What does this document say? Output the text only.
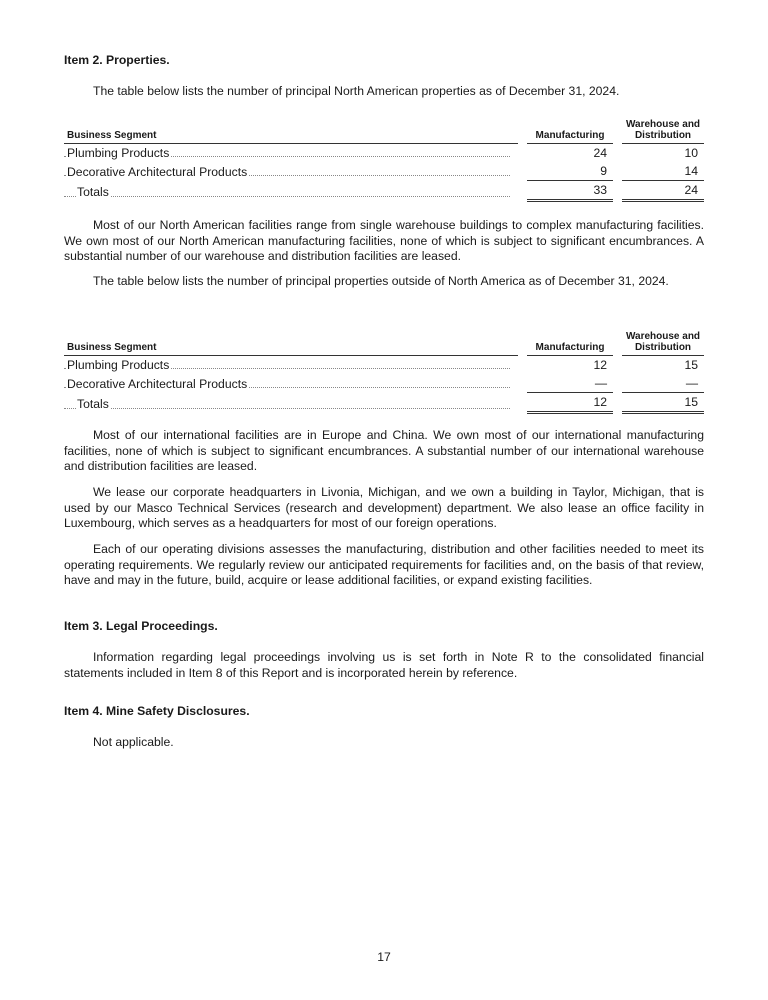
Item 2. Properties.

The table below lists the number of principal North American properties as of December 31, 2024.

Business Segment		Manufacturing		Warehouse and
Distribution

Plumbing Products		24		10

Decorative Architectural Products		9		14

Totals		33		24

Most of our North American facilities range from single warehouse buildings to complex manufacturing facilities. We own most of our North American manufacturing facilities, none of which is subject to significant encumbrances. A substantial number of our warehouse and distribution facilities are leased.

The table below lists the number of principal properties outside of North America as of December 31, 2024.

Business Segment		Manufacturing		Warehouse and
Distribution

Plumbing Products		12		15

Decorative Architectural Products		—		—

Totals		12		15

Most of our international facilities are in Europe and China. We own most of our international manufacturing facilities, none of which is subject to significant encumbrances. A substantial number of our international warehouse and distribution facilities are leased.

We lease our corporate headquarters in Livonia, Michigan, and we own a building in Taylor, Michigan, that is used by our Masco Technical Services (research and development) department. We also lease an office facility in Luxembourg, which serves as a headquarters for most of our foreign operations.

Each of our operating divisions assesses the manufacturing, distribution and other facilities needed to meet its operating requirements. We regularly review our anticipated requirements for facilities and, on the basis of that review, have and may in the future, build, acquire or lease additional facilities, or expand existing facilities.

Item 3. Legal Proceedings.

Information regarding legal proceedings involving us is set forth in Note R to the consolidated financial statements included in Item 8 of this Report and is incorporated herein by reference.

Item 4. Mine Safety Disclosures.

Not applicable.

17
